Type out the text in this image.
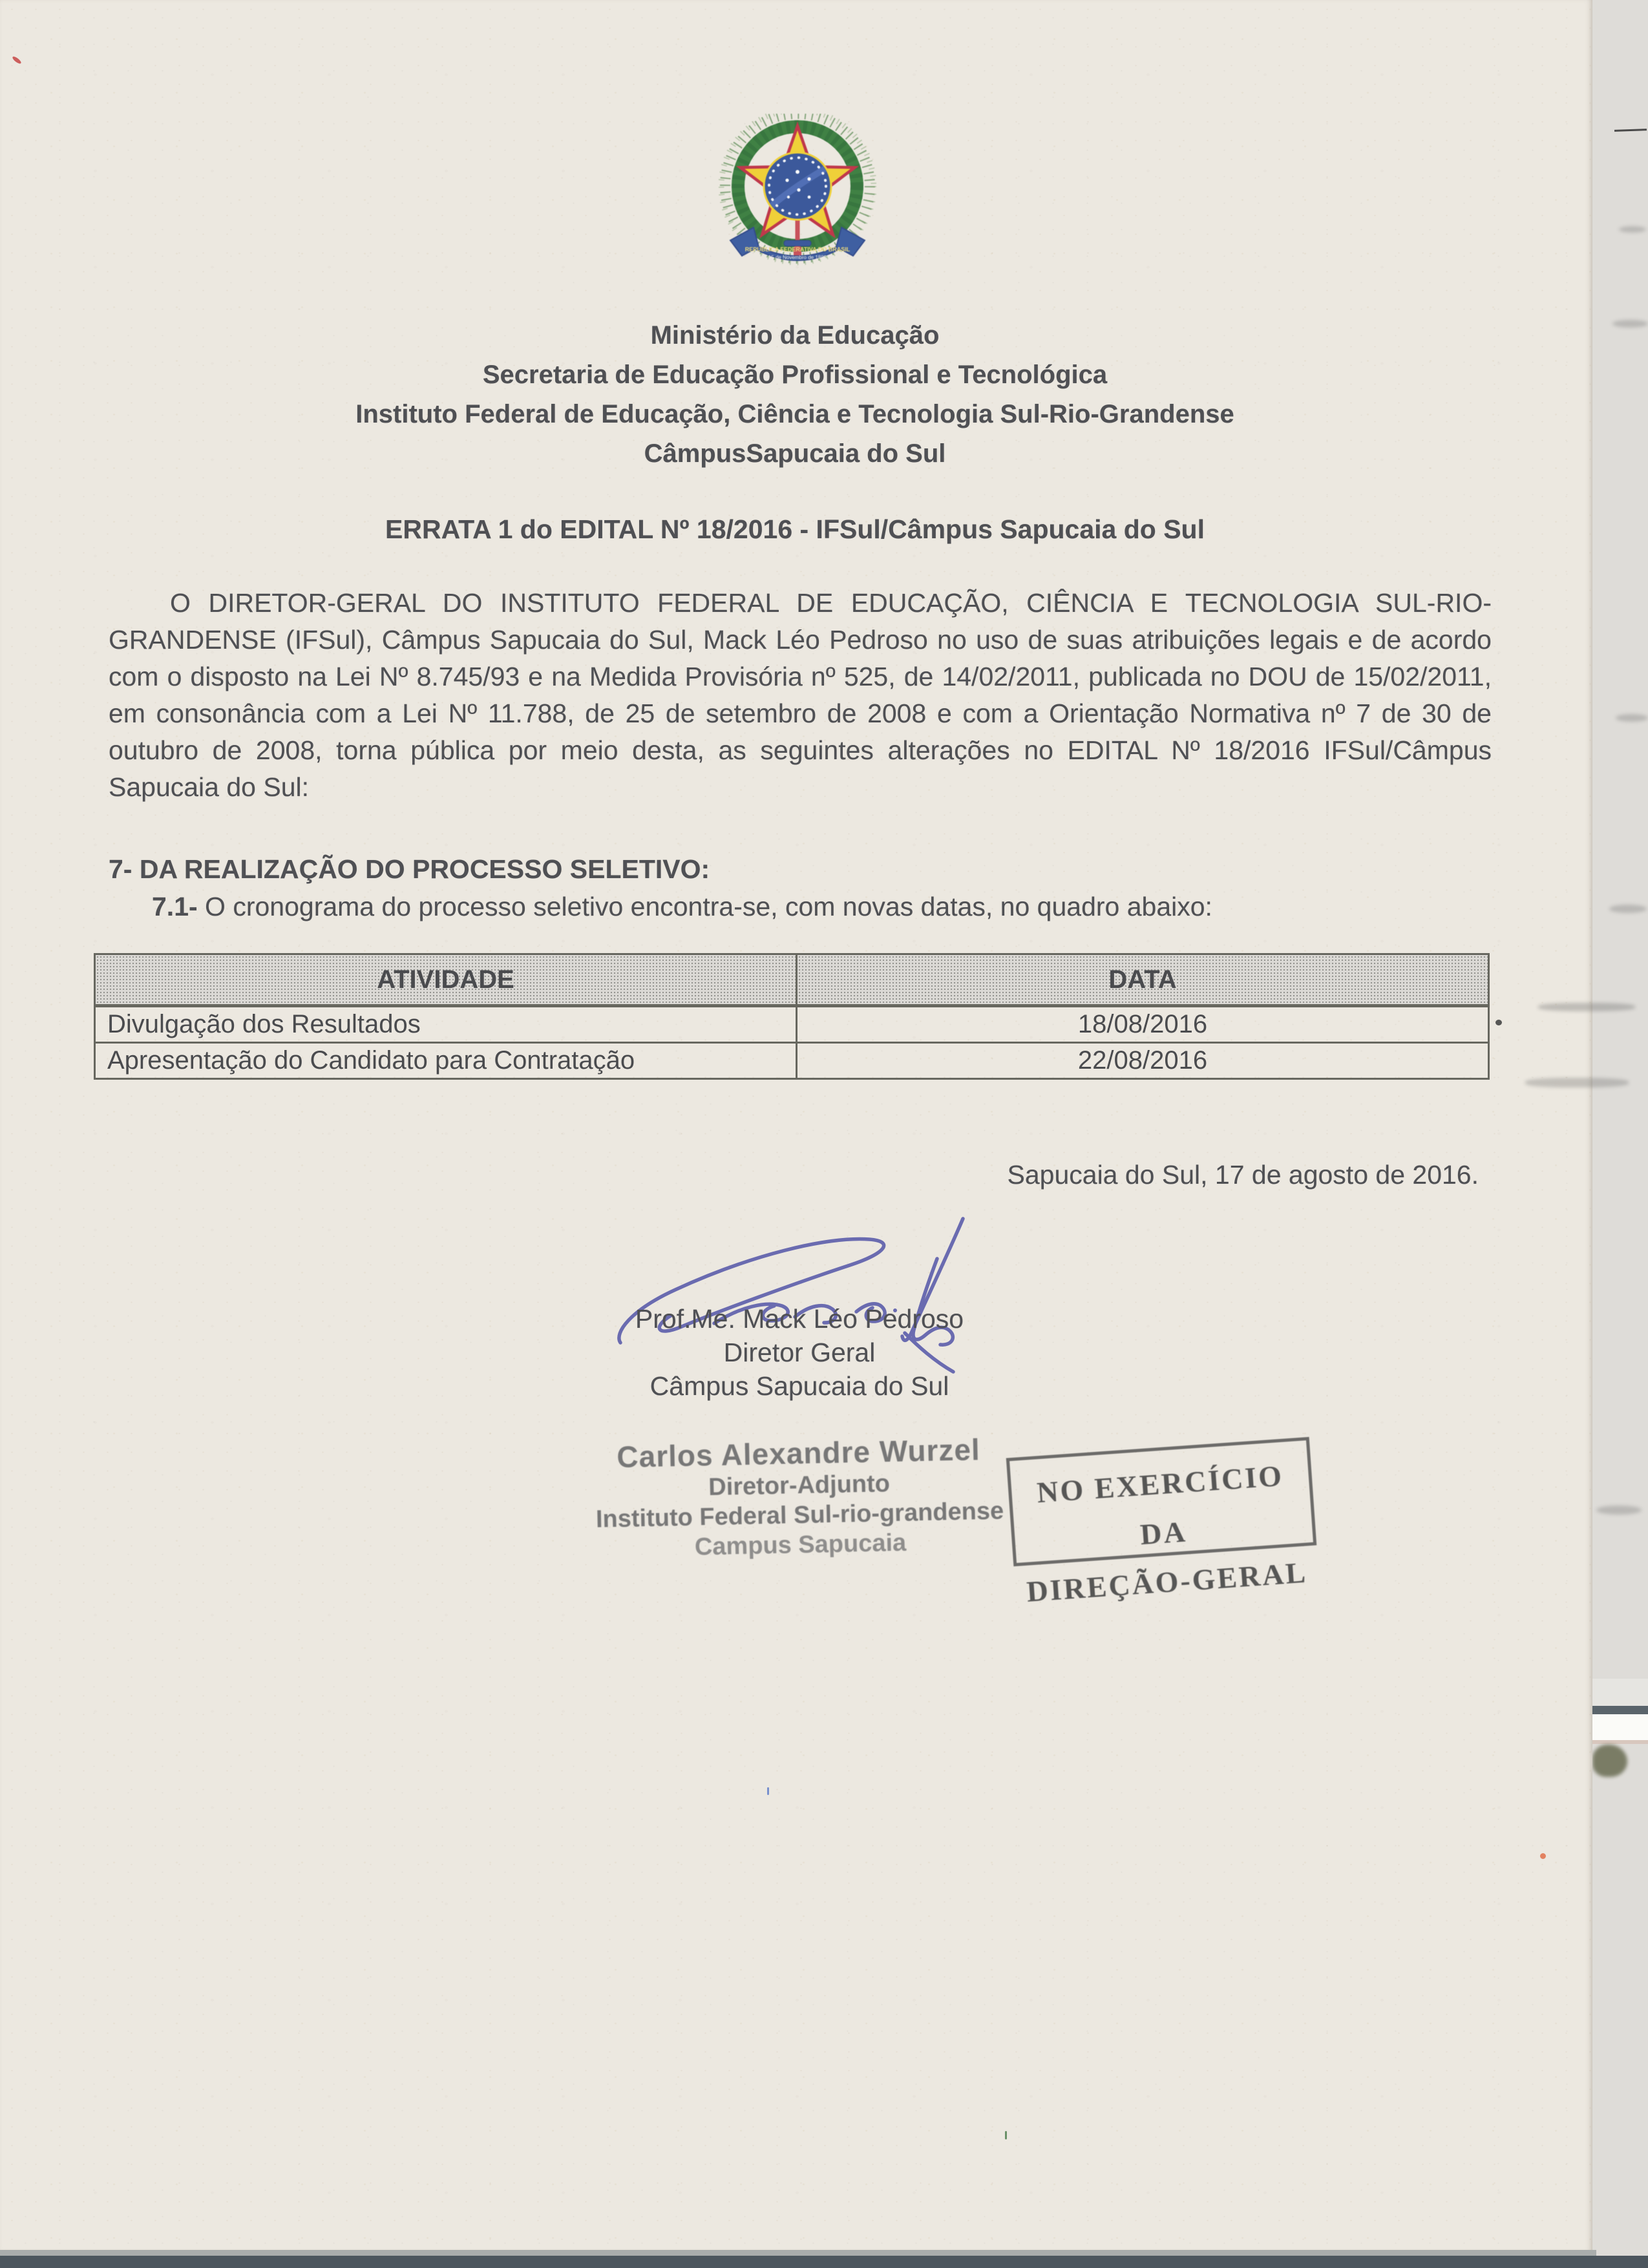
REPÚBLICA FEDERATIVA DO BRASIL
15 de Novembro de 1889
Ministério da Educação
Secretaria de Educação Profissional e Tecnológica
Instituto Federal de Educação, Ciência e Tecnologia Sul-Rio-Grandense
CâmpusSapucaia do Sul
ERRATA 1 do EDITAL Nº 18/2016 - IFSul/Câmpus Sapucaia do Sul

O DIRETOR-GERAL DO INSTITUTO FEDERAL DE EDUCAÇÃO, CIÊNCIA E TECNOLOGIA SUL-RIO-GRANDENSE (IFSul), Câmpus Sapucaia do Sul, Mack Léo Pedroso no uso de suas atribuições legais e de acordo com o disposto na Lei Nº 8.745/93 e na Medida Provisória nº 525, de 14/02/2011, publicada no DOU de 15/02/2011, em consonância com a Lei Nº 11.788, de 25 de setembro de 2008 e com a Orientação Normativa nº 7 de 30 de outubro de 2008, torna pública por meio desta, as seguintes alterações no EDITAL Nº 18/2016 IFSul/Câmpus Sapucaia do Sul:

7- DA REALIZAÇÃO DO PROCESSO SELETIVO:
7.1- O cronograma do processo seletivo encontra-se, com novas datas, no quadro abaixo:
ATIVIDADE	DATA
Divulgação dos Resultados	18/08/2016
Apresentação do Candidato para Contratação	22/08/2016
Sapucaia do Sul, 17 de agosto de 2016.
Prof.Me. Mack Léo Pedroso
Diretor Geral
Câmpus Sapucaia do Sul
Carlos Alexandre Wurzel
Diretor-Adjunto
Instituto Federal Sul-rio-grandense
Campus Sapucaia
NO EXERCÍCIO DA
DIREÇÃO-GERAL
